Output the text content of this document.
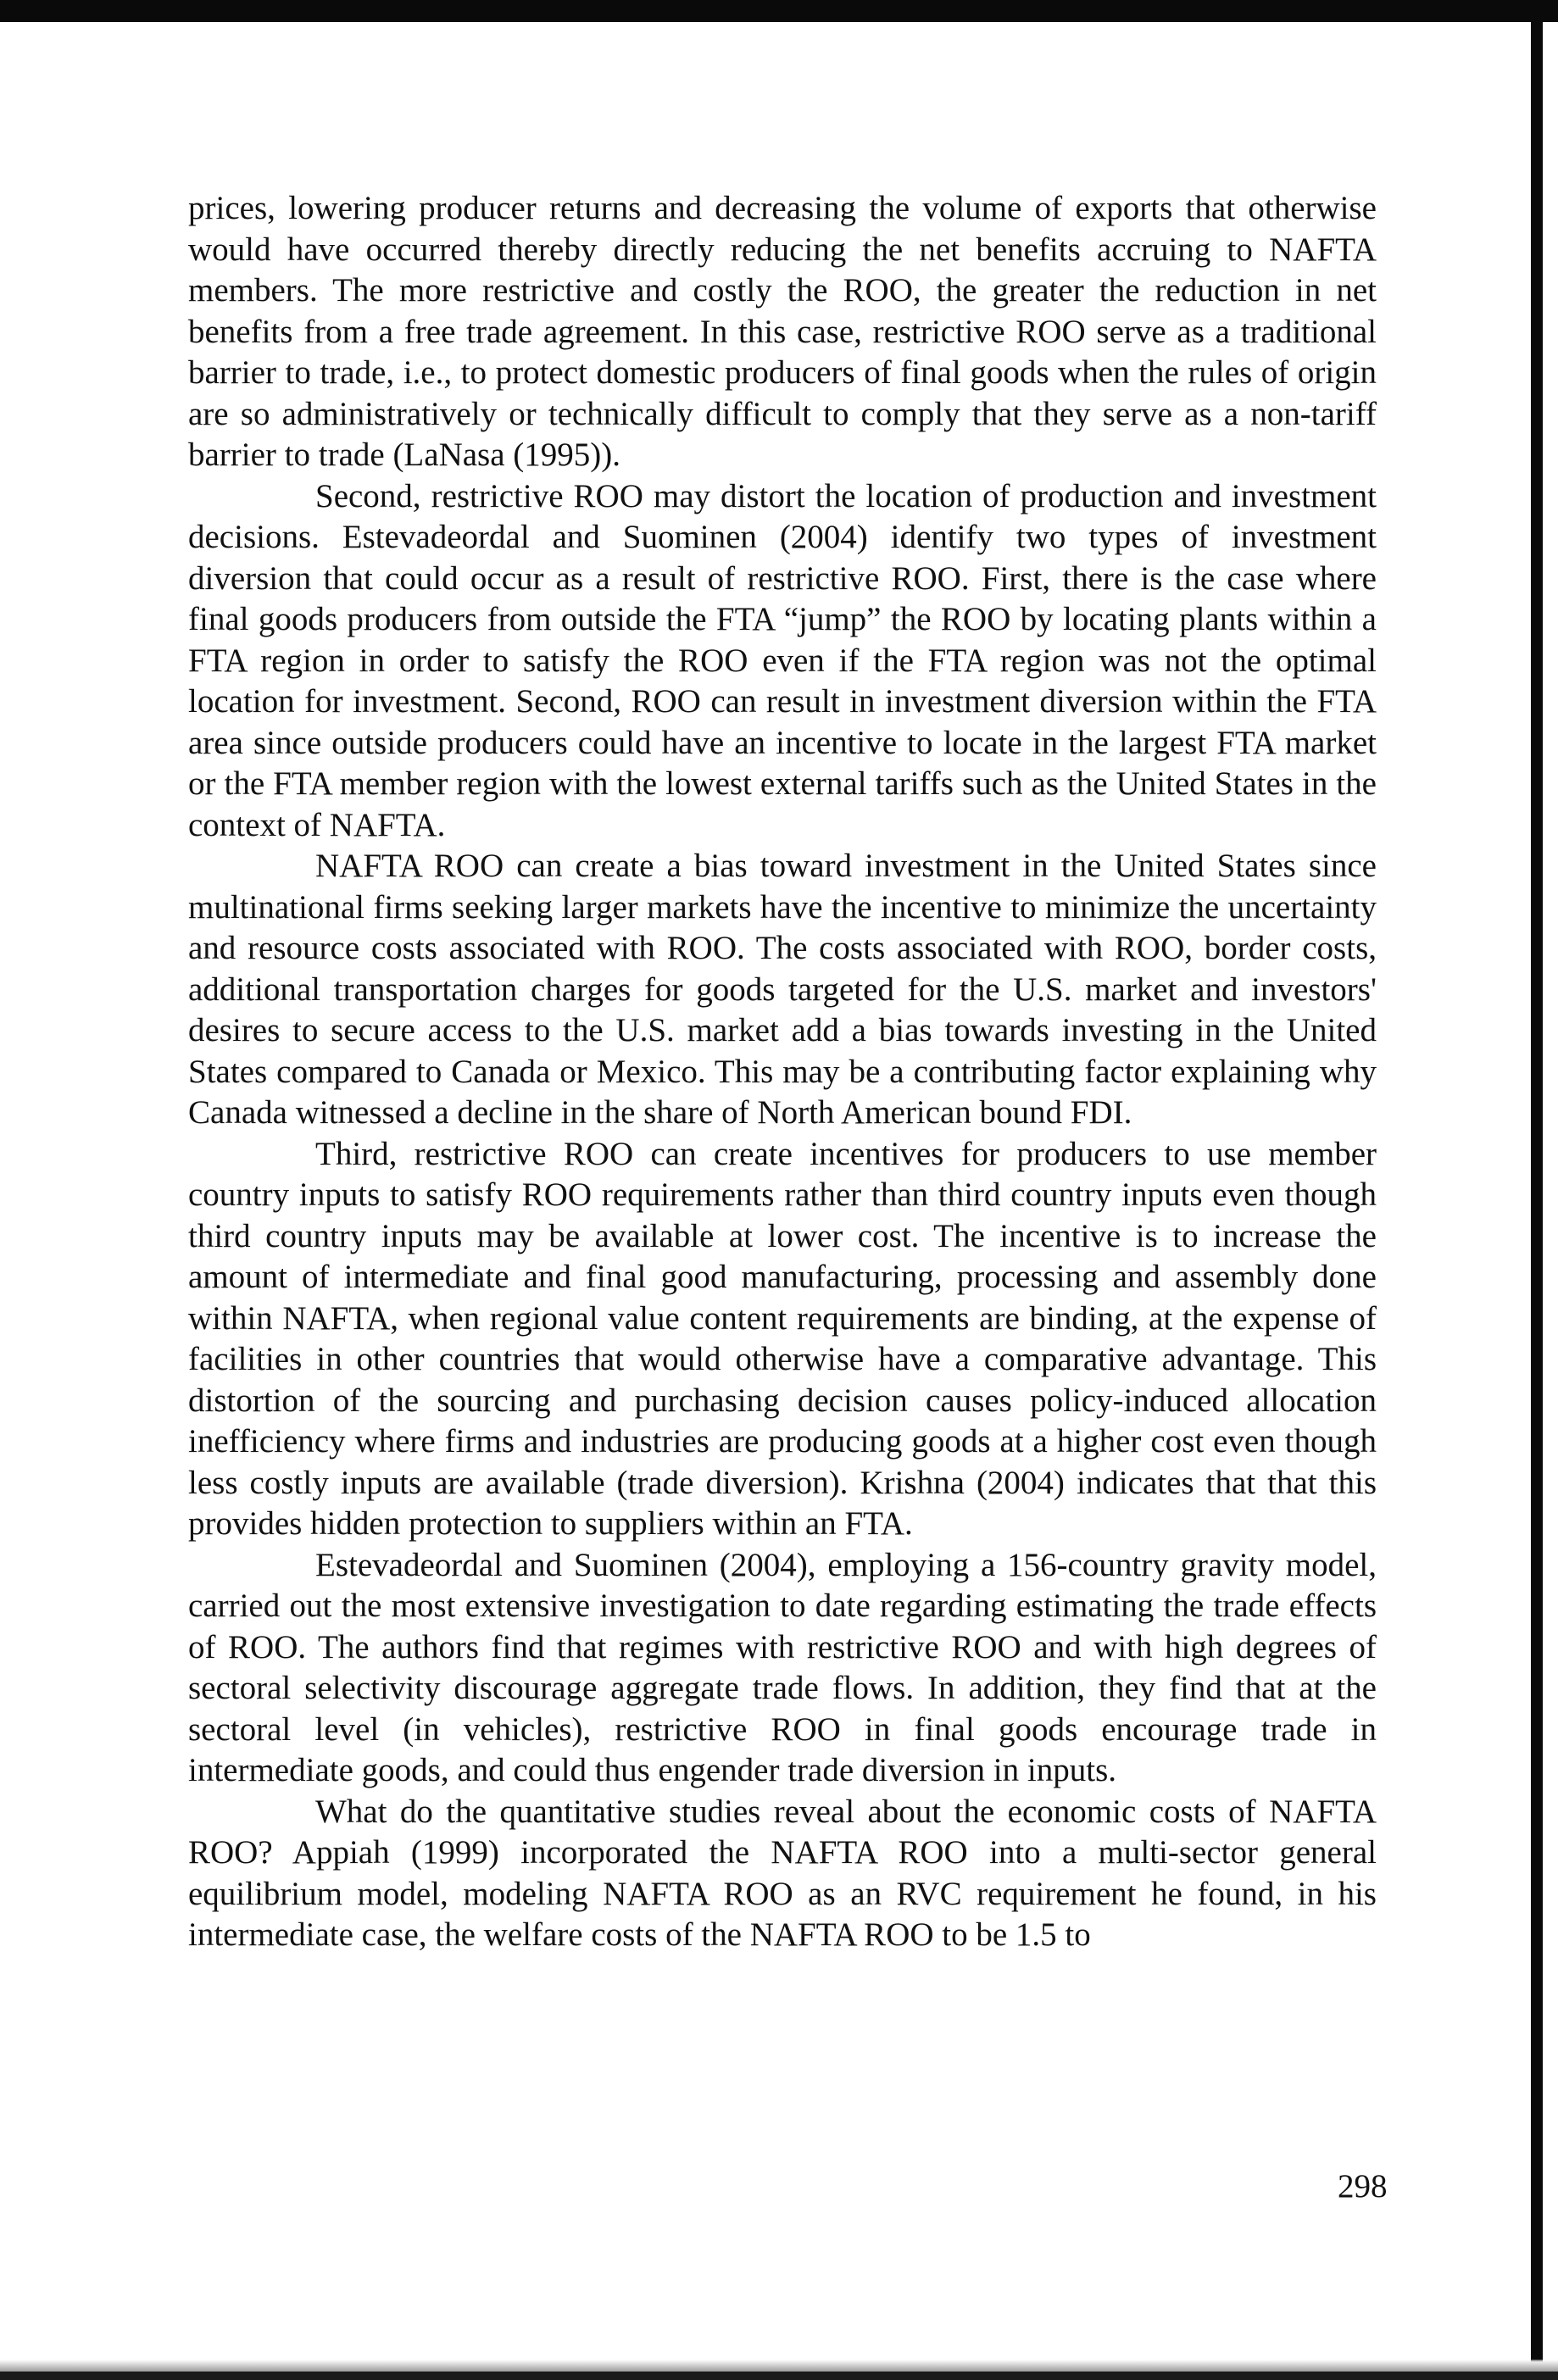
prices, lowering producer returns and decreasing the volume of exports that otherwise would have occurred thereby directly reducing the net benefits accruing to NAFTA members. The more restrictive and costly the ROO, the greater the reduction in net benefits from a free trade agreement. In this case, restrictive ROO serve as a traditional barrier to trade, i.e., to protect domestic producers of final goods when the rules of origin are so administratively or technically difficult to comply that they serve as a non-tariff barrier to trade (LaNasa (1995)).

Second, restrictive ROO may distort the location of production and investment decisions. Estevadeordal and Suominen (2004) identify two types of investment diversion that could occur as a result of restrictive ROO. First, there is the case where final goods producers from outside the FTA “jump” the ROO by locating plants within a FTA region in order to satisfy the ROO even if the FTA region was not the optimal location for investment. Second, ROO can result in investment diversion within the FTA area since outside producers could have an incentive to locate in the largest FTA market or the FTA member region with the lowest external tariffs such as the United States in the context of NAFTA.

NAFTA ROO can create a bias toward investment in the United States since multinational firms seeking larger markets have the incentive to minimize the uncertainty and resource costs associated with ROO. The costs associated with ROO, border costs, additional transportation charges for goods targeted for the U.S. market and investors' desires to secure access to the U.S. market add a bias towards investing in the United States compared to Canada or Mexico. This may be a contributing factor explaining why Canada witnessed a decline in the share of North American bound FDI.

Third, restrictive ROO can create incentives for producers to use member country inputs to satisfy ROO requirements rather than third country inputs even though third country inputs may be available at lower cost. The incentive is to increase the amount of intermediate and final good manufacturing, processing and assembly done within NAFTA, when regional value content requirements are binding, at the expense of facilities in other countries that would otherwise have a comparative advantage. This distortion of the sourcing and purchasing decision causes policy-induced allocation inefficiency where firms and industries are producing goods at a higher cost even though less costly inputs are available (trade diversion). Krishna (2004) indicates that that this provides hidden protection to suppliers within an FTA.

Estevadeordal and Suominen (2004), employing a 156-country gravity model, carried out the most extensive investigation to date regarding estimating the trade effects of ROO. The authors find that regimes with restrictive ROO and with high degrees of sectoral selectivity discourage aggregate trade flows. In addition, they find that at the sectoral level (in vehicles), restrictive ROO in final goods encourage trade in intermediate goods, and could thus engender trade diversion in inputs.

What do the quantitative studies reveal about the economic costs of NAFTA ROO? Appiah (1999) incorporated the NAFTA ROO into a multi-sector general equilibrium model, modeling NAFTA ROO as an RVC requirement he found, in his intermediate case, the welfare costs of the NAFTA ROO to be 1.5 to

298
